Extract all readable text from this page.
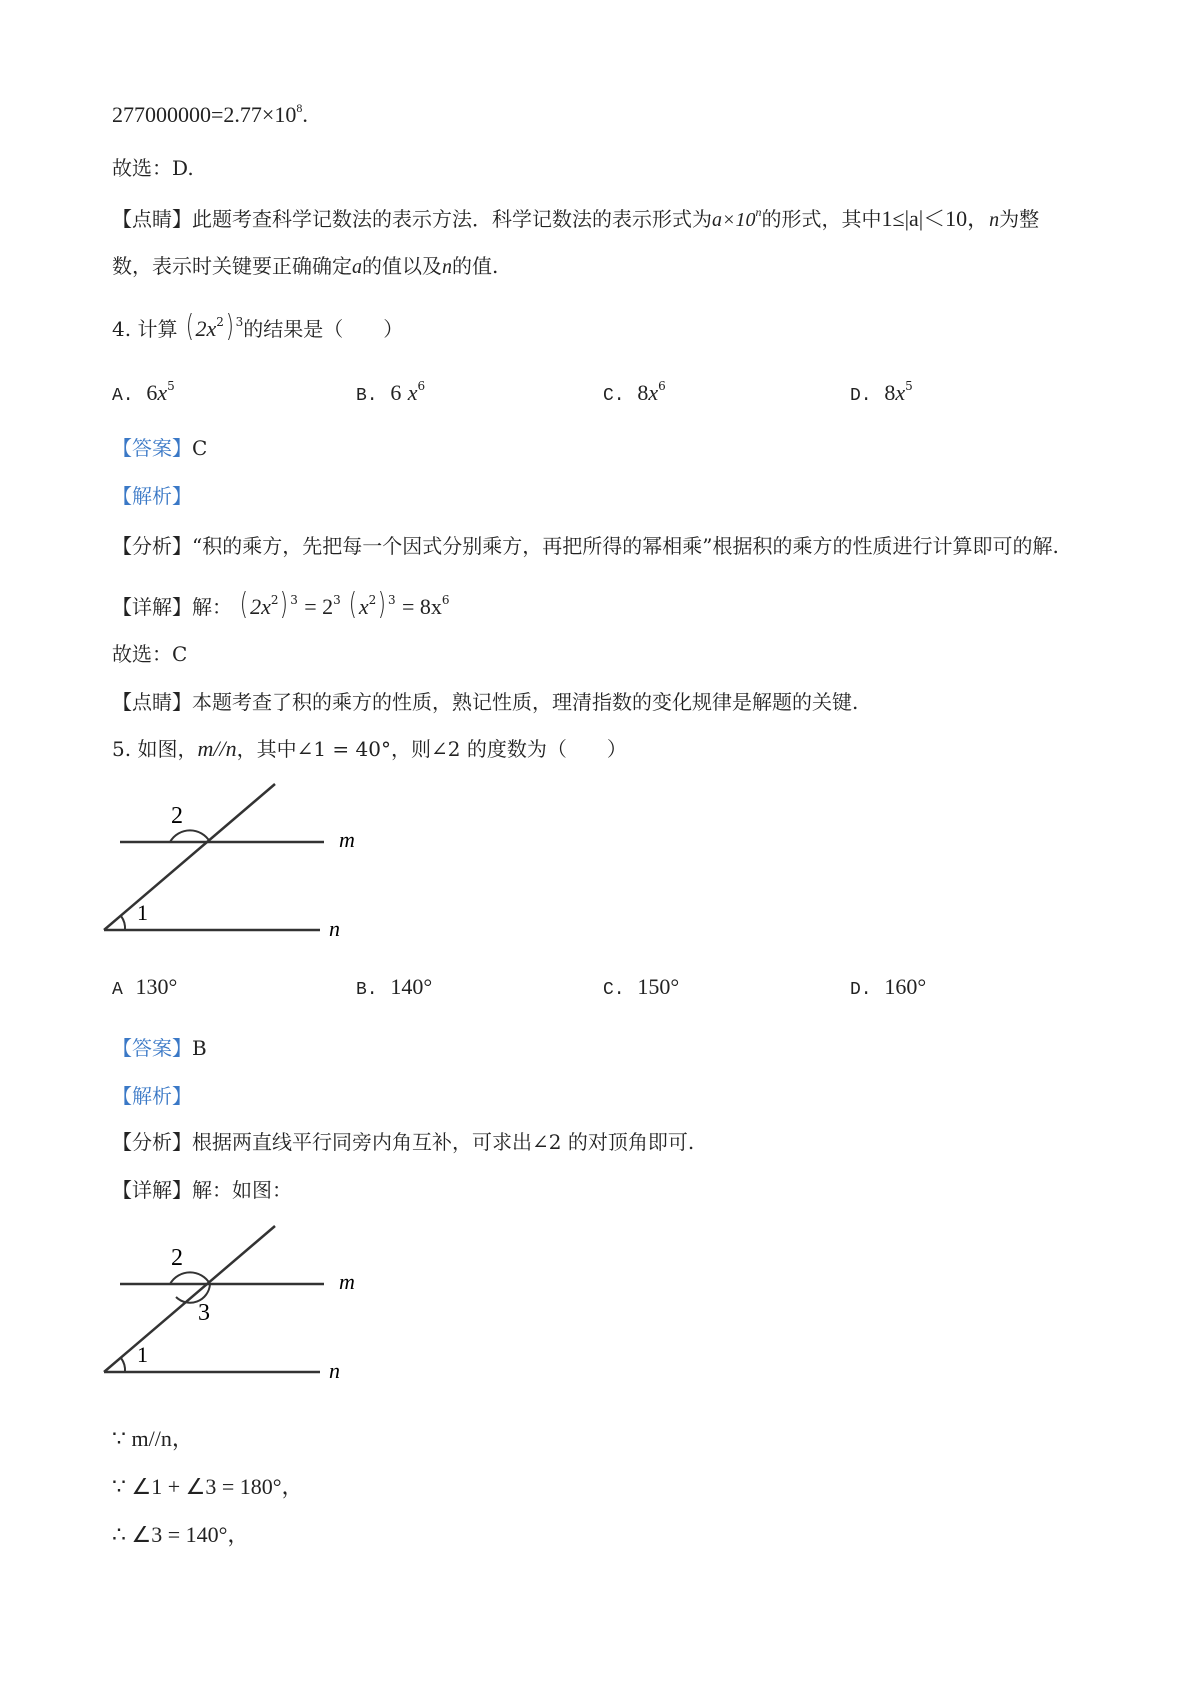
$277000000=2.77\times 10^8$.
故选：D.
【点睛】此题考查科学记数法的表示方法．科学记数法的表示形式为$a\times 10^n$的形式，其中1≤|a|＜10，n为整
数，表示时关键要正确确定a的值以及n的值.
4. 计算 $(2x^2)$ $^3$的结果是（　　）
A. $6x^5$	B. 6 $x^6$	C. $8x^6$	D. $8x^5$
【答案】C
【解析】
【分析】“积的乘方，先把每一个因式分别乘方，再把所得的幂相乘”根据积的乘方的性质进行计算即可的解.
【详解】解： $(2x^2) ^3 = 2^3$ $(x^2) ^3 = 8x^6$
故选：C
【点睛】本题考查了积的乘方的性质，熟记性质，理清指数的变化规律是解题的关键.
5. 如图，m//n，其中∠1 = 40°，则∠2 的度数为（　　）
2
1
m
n
A 130°	B. 140°	C. 150°	D. 160°
【答案】B
【解析】
【分析】根据两直线平行同旁内角互补，可求出∠2 的对顶角即可.
【详解】解：如图：
2
3
1
m
n
∵ m//n，
∵ ∠1 + ∠3 = 180°，
∴ ∠3 = 140°，
